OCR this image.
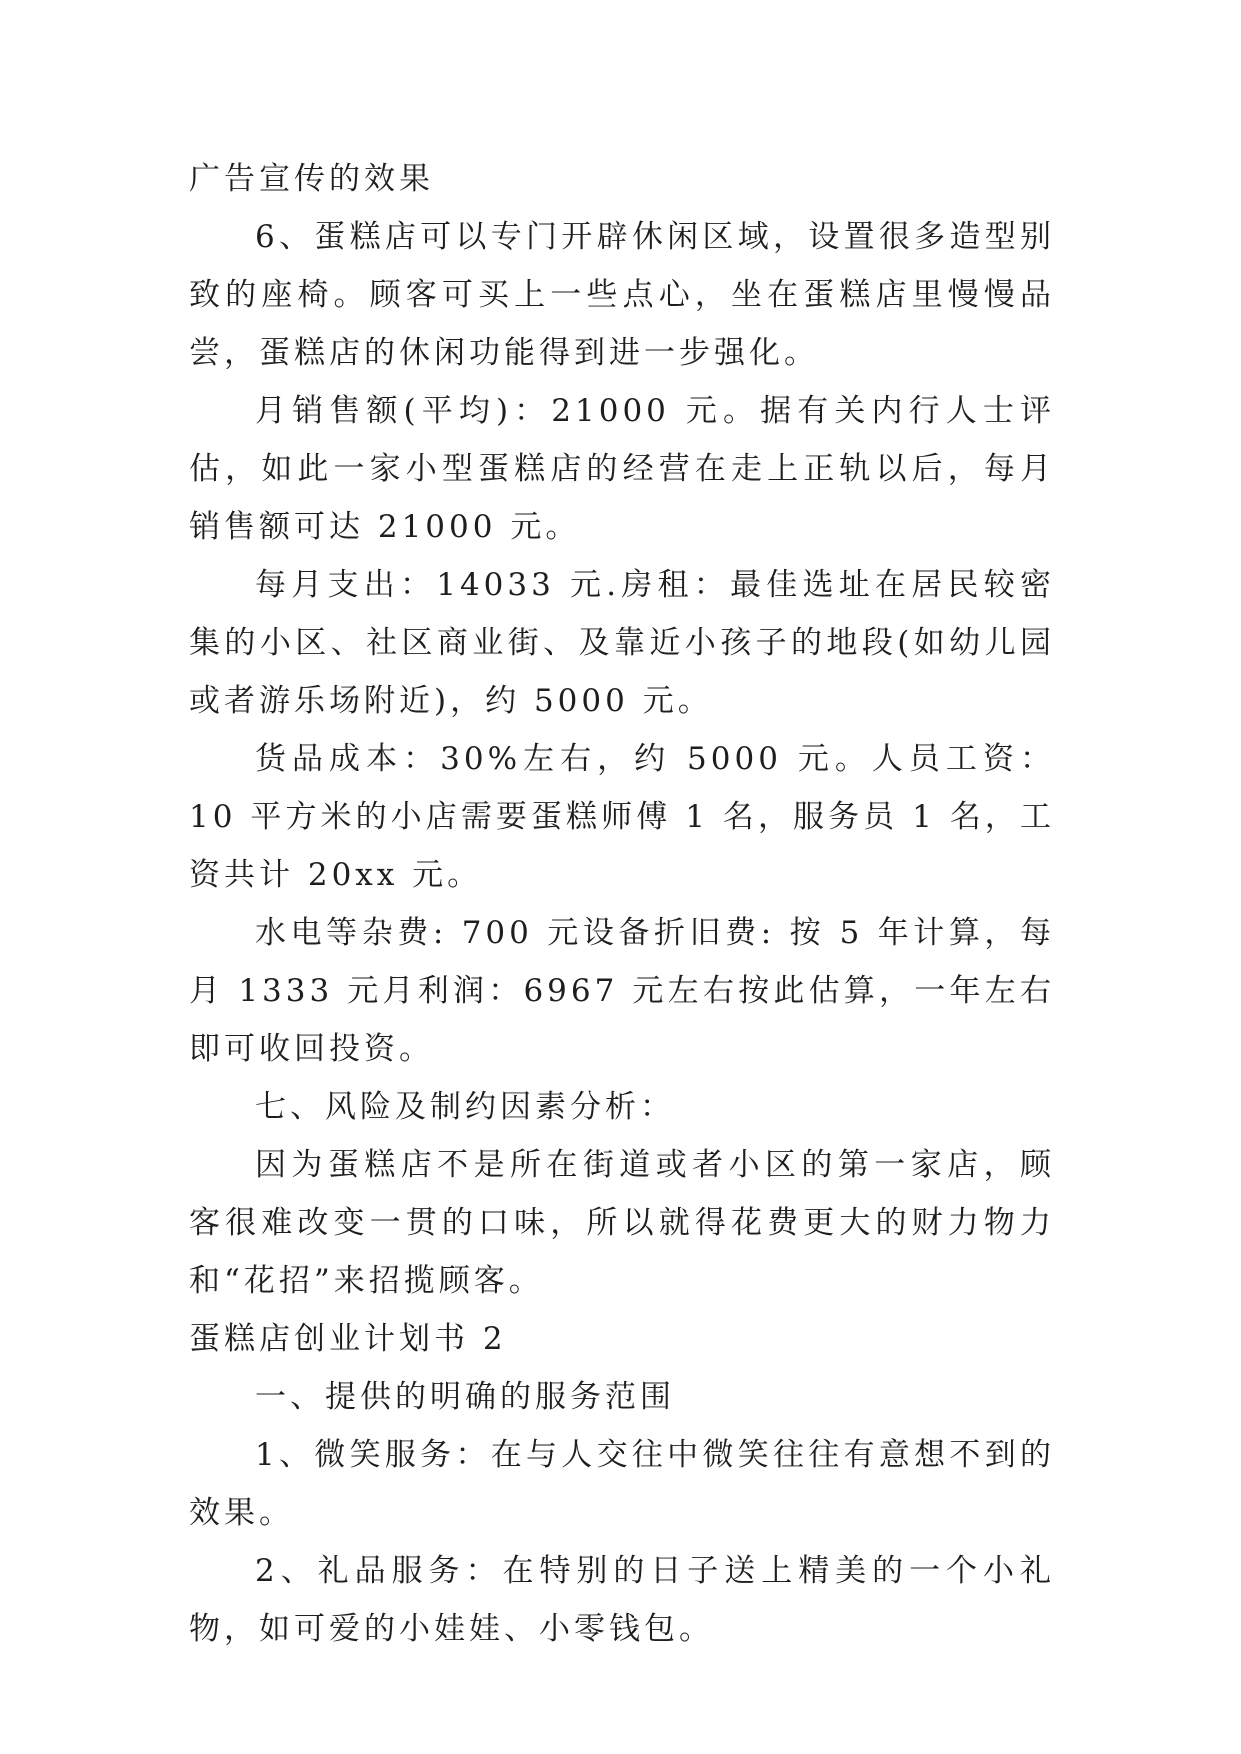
广告宣传的效果

6、蛋糕店可以专门开辟休闲区域，设置很多造型别致的座椅。顾客可买上一些点心，坐在蛋糕店里慢慢品尝，蛋糕店的休闲功能得到进一步强化。

月销售额(平均)：21000 元。据有关内行人士评估，如此一家小型蛋糕店的经营在走上正轨以后，每月销售额可达 21000 元。

每月支出：14033 元.房租：最佳选址在居民较密集的小区、社区商业街、及靠近小孩子的地段(如幼儿园或者游乐场附近)，约 5000 元。

货品成本：30%左右，约 5000 元。人员工资：10 平方米的小店需要蛋糕师傅 1 名，服务员 1 名，工资共计 20xx 元。

水电等杂费: 700 元设备折旧费: 按 5 年计算，每月 1333 元月利润：6967 元左右按此估算，一年左右即可收回投资。

七、风险及制约因素分析：

因为蛋糕店不是所在街道或者小区的第一家店，顾客很难改变一贯的口味，所以就得花费更大的财力物力和“花招”来招揽顾客。

蛋糕店创业计划书 2

一、提供的明确的服务范围

1、微笑服务：在与人交往中微笑往往有意想不到的效果。

2、礼品服务：在特别的日子送上精美的一个小礼物，如可爱的小娃娃、小零钱包。
